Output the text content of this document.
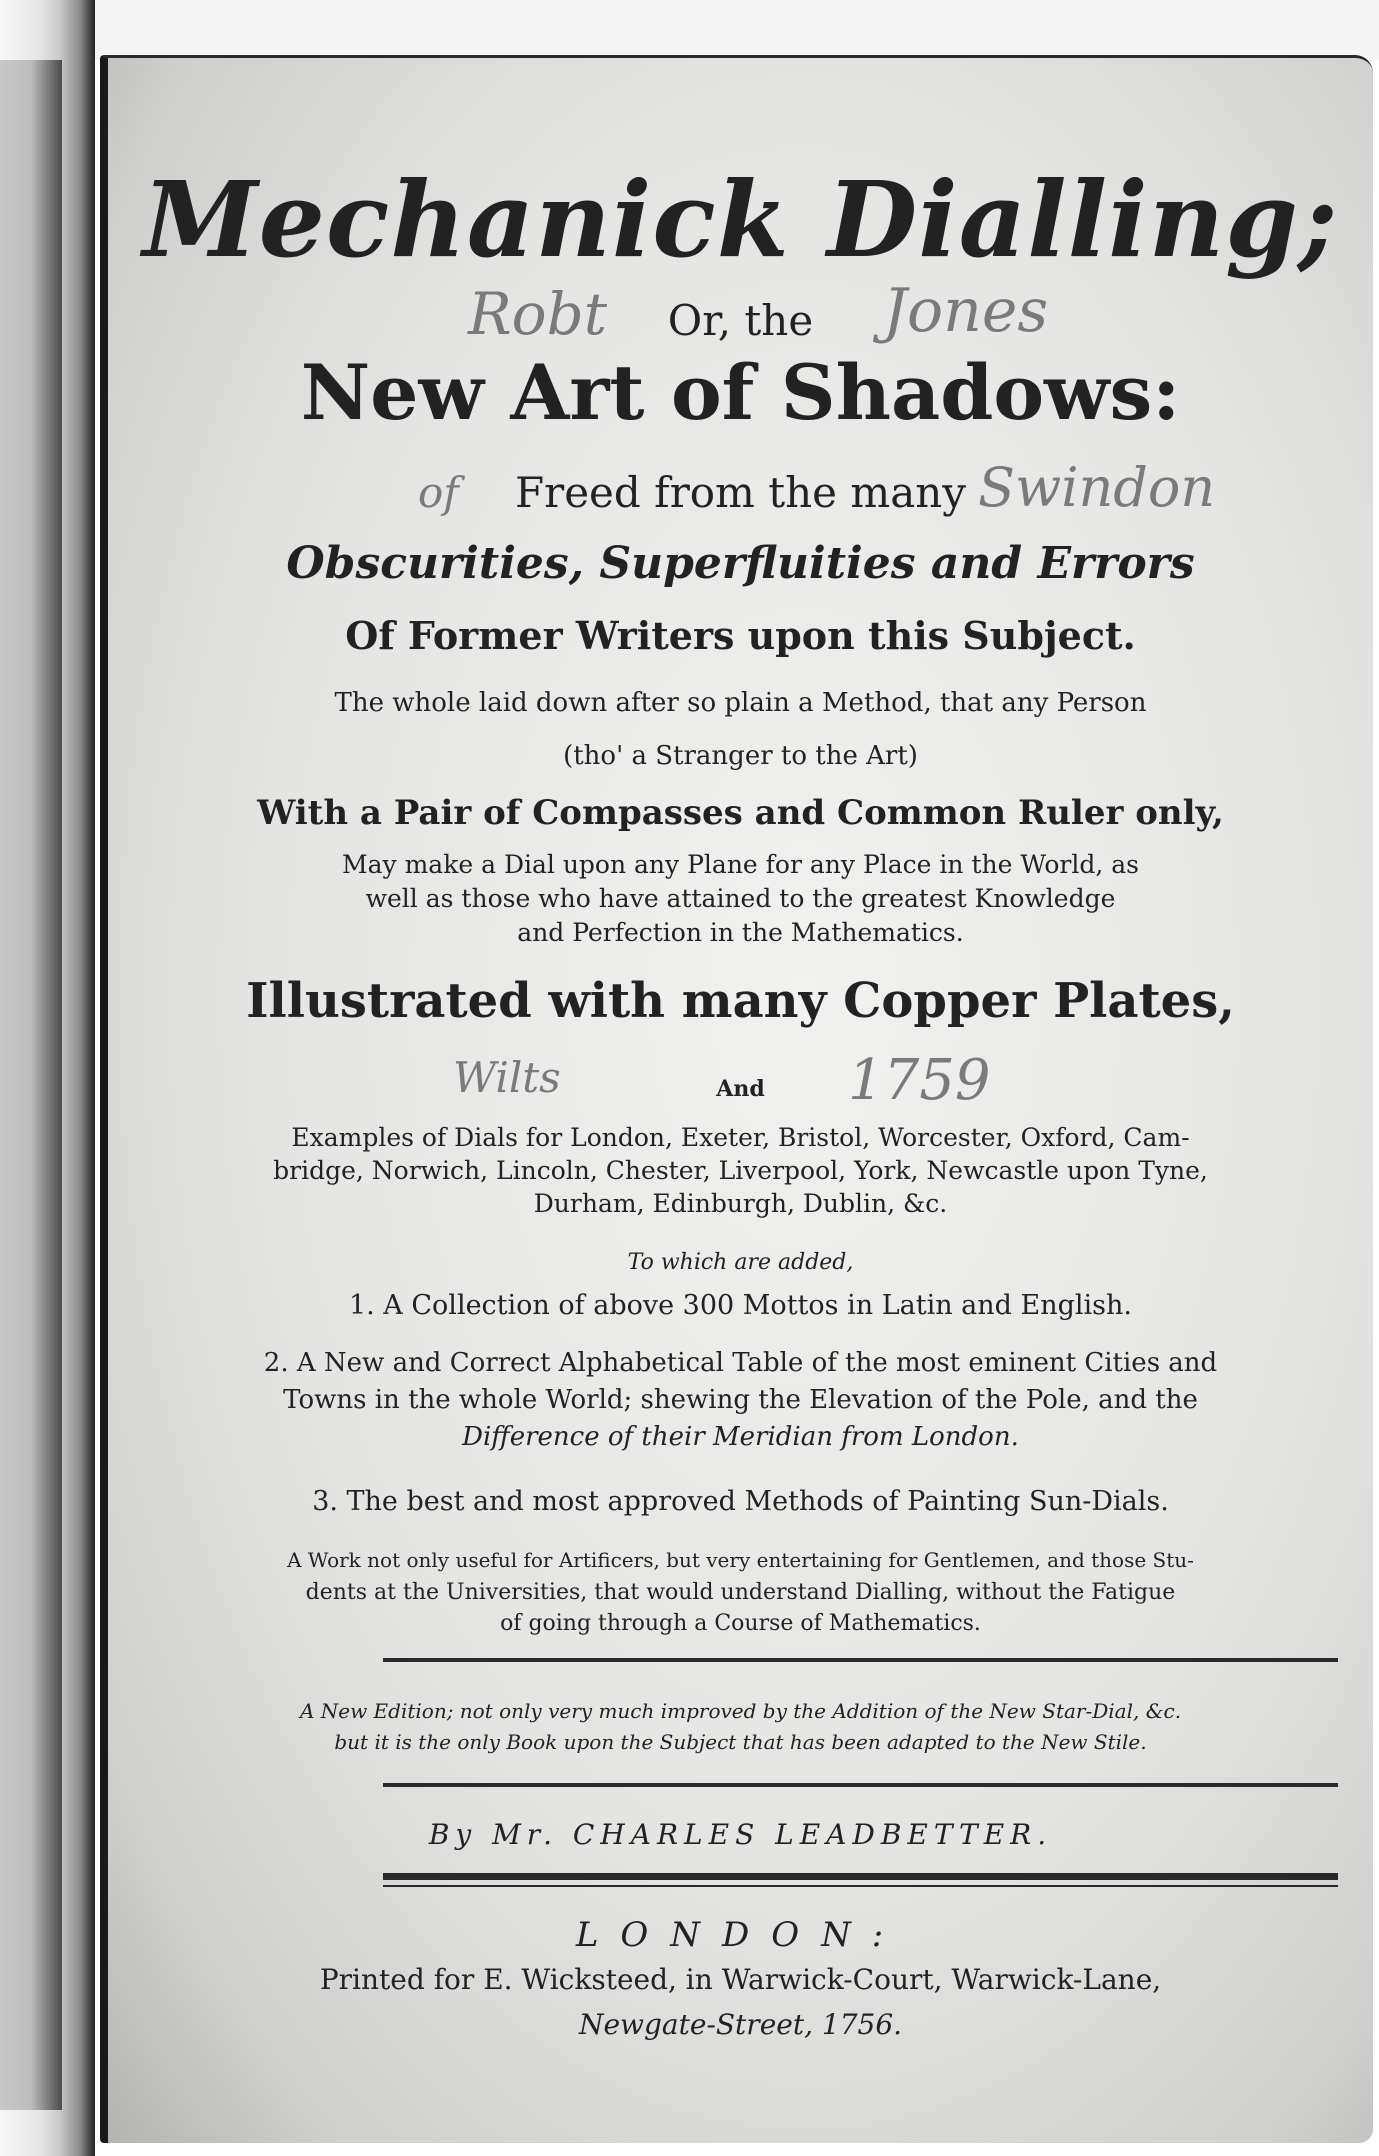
Mechanick Dialling;
Robt	Or, the	Jones
New Art of Shadows:
of	Freed from the many Swindon
Obscurities, Superfluities and Errors
Of Former Writers upon this Subject.
The whole laid down after so plain a Method, that any Person
(tho' a Stranger to the Art)
With a Pair of Compasses and Common Ruler only,
May make a Dial upon any Plane for any Place in the World, as
well as those who have attained to the greatest Knowledge
and Perfection in the Mathematics.
Illustrated with many Copper Plates,
Wilts	And	1759
Examples of Dials for London, Exeter, Bristol, Worcester, Oxford, Cam-
bridge, Norwich, Lincoln, Chester, Liverpool, York, Newcastle upon Tyne,
Durham, Edinburgh, Dublin, &c.
To which are added,
1. A Collection of above 300 Mottos in Latin and English.
2. A New and Correct Alphabetical Table of the most eminent Cities and
Towns in the whole World; shewing the Elevation of the Pole, and the
Difference of their Meridian from London.
3. The best and most approved Methods of Painting Sun-Dials.
A Work not only useful for Artificers, but very entertaining for Gentlemen, and those Stu-
dents at the Universities, that would understand Dialling, without the Fatigue
of going through a Course of Mathematics.
A New Edition; not only very much improved by the Addition of the New Star-Dial, &c.
but it is the only Book upon the Subject that has been adapted to the New Stile.
By Mr. CHARLES LEADBETTER.
LONDON:
Printed for E. Wicksteed, in Warwick-Court, Warwick-Lane,
Newgate-Street, 1756.
